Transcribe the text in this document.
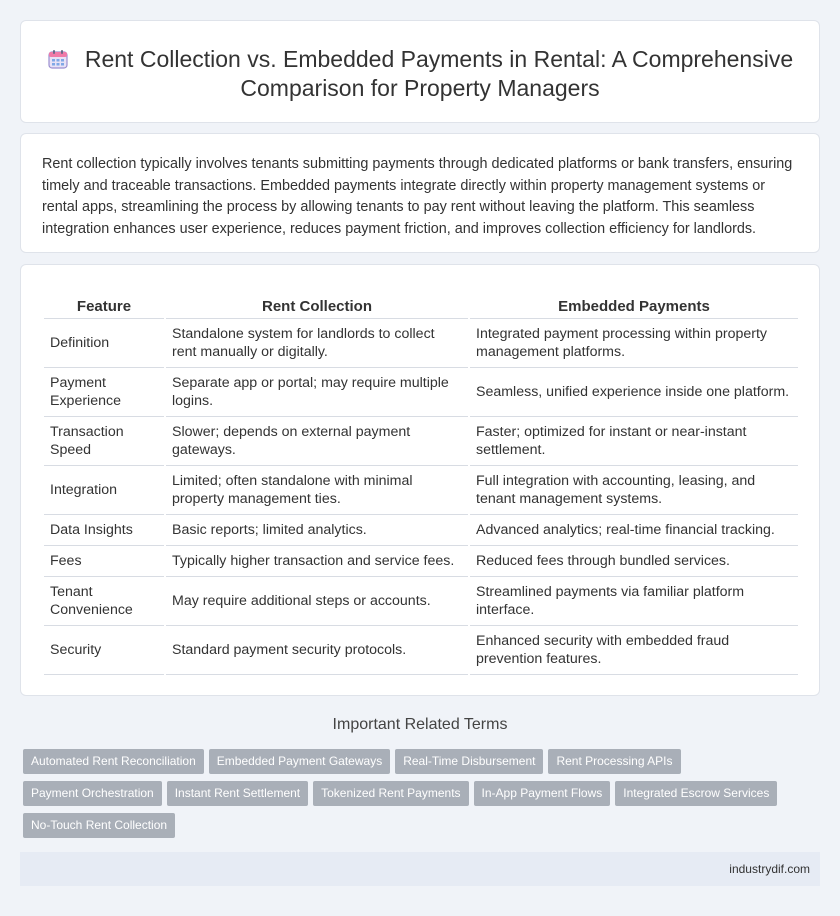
Rent Collection vs. Embedded Payments in Rental: A Comprehensive Comparison for Property Managers

Rent collection typically involves tenants submitting payments through dedicated platforms or bank transfers, ensuring timely and traceable transactions. Embedded payments integrate directly within property management systems or rental apps, streamlining the process by allowing tenants to pay rent without leaving the platform. This seamless integration enhances user experience, reduces payment friction, and improves collection efficiency for landlords.

Feature	Rent Collection	Embedded Payments
Definition	Standalone system for landlords to collect rent manually or digitally.	Integrated payment processing within property management platforms.
Payment Experience	Separate app or portal; may require multiple logins.	Seamless, unified experience inside one platform.
Transaction Speed	Slower; depends on external payment gateways.	Faster; optimized for instant or near-instant settlement.
Integration	Limited; often standalone with minimal property management ties.	Full integration with accounting, leasing, and tenant management systems.
Data Insights	Basic reports; limited analytics.	Advanced analytics; real-time financial tracking.
Fees	Typically higher transaction and service fees.	Reduced fees through bundled services.
Tenant Convenience	May require additional steps or accounts.	Streamlined payments via familiar platform interface.
Security	Standard payment security protocols.	Enhanced security with embedded fraud prevention features.
Important Related Terms
Automated Rent Reconciliation Embedded Payment Gateways Real-Time Disbursement Rent Processing APIs
Payment Orchestration Instant Rent Settlement Tokenized Rent Payments In-App Payment Flows Integrated Escrow Services
No-Touch Rent Collection
industrydif.com
